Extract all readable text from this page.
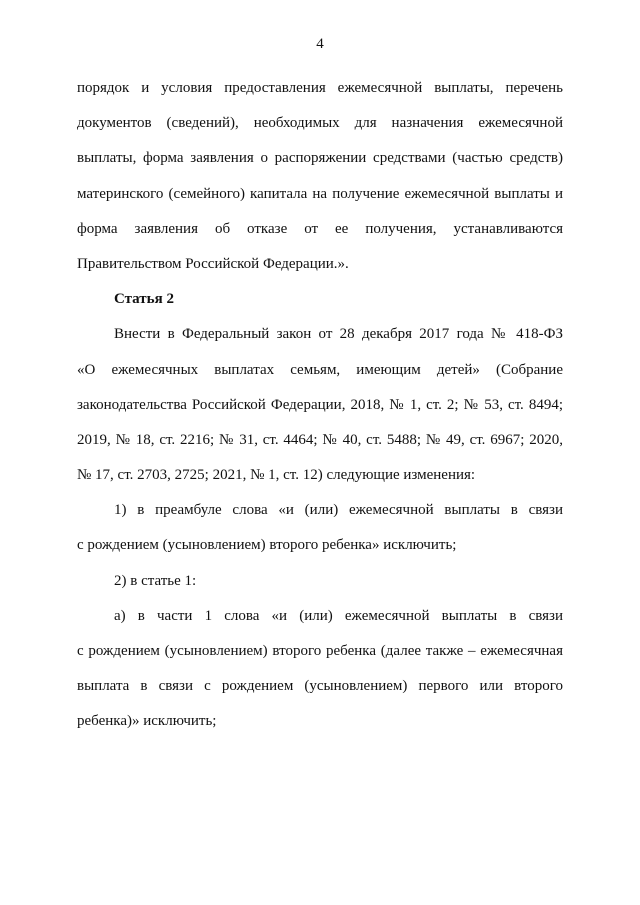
4
порядок и условия предоставления ежемесячной выплаты, перечень
документов (сведений), необходимых для назначения ежемесячной
выплаты, форма заявления о распоряжении средствами (частью средств)
материнского (семейного) капитала на получение ежемесячной выплаты и
форма заявления об отказе от ее получения, устанавливаются
Правительством Российской Федерации.».
Статья 2
Внести в Федеральный закон от 28 декабря 2017 года № 418-ФЗ
«О ежемесячных выплатах семьям, имеющим детей» (Собрание
законодательства Российской Федерации, 2018, № 1, ст. 2; № 53, ст. 8494;
2019, № 18, ст. 2216; № 31, ст. 4464; № 40, ст. 5488; № 49, ст. 6967; 2020,
№ 17, ст. 2703, 2725; 2021, № 1, ст. 12) следующие изменения:
1) в преамбуле слова «и (или) ежемесячной выплаты в связи
с рождением (усыновлением) второго ребенка» исключить;
2) в статье 1:
а) в части 1 слова «и (или) ежемесячной выплаты в связи
с рождением (усыновлением) второго ребенка (далее также – ежемесячная
выплата в связи с рождением (усыновлением) первого или второго
ребенка)» исключить;
